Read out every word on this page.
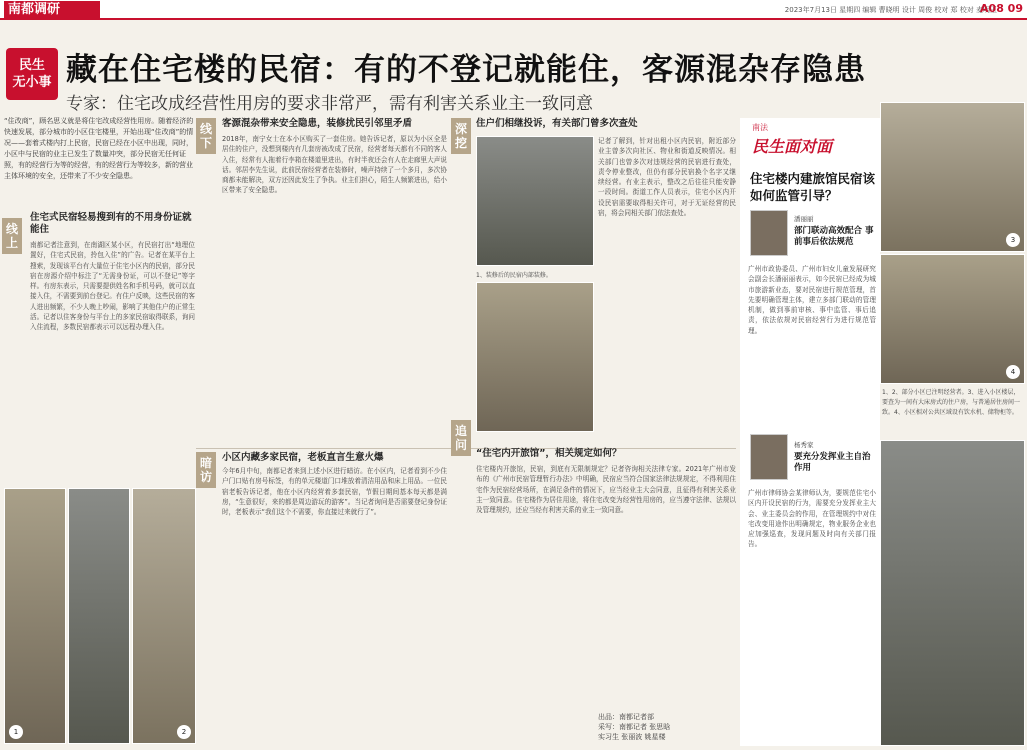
南都调研	2023年7月13日 星期四 编辑 曹晓明 设计 周俊 校对 郑 校对 麦明玉
A08 09
民生
无小事 藏在住宅楼的民宿：有的不登记就能住，客源混杂存隐患
专家：住宅改成经营性用房的要求非常严，需有利害关系业主一致同意
“住改商”，顾名思义就是将住宅改成经营性用房。随着经济的快速发展，部分城市的小区住宅楼里，开始出现“住改商”的情况——套着式楼内打上民宿，民宿已经在小区中出现，同时，小区中与民宿的业主已发生了数量冲突，部分民宿无任何证照，有的经营行为等的经营，有的经营行为等较多，新的营业主体环境的安全，还带来了不少安全隐患。
线上
住宅式民宿轻易搜到有的不用身份证就能住
南都记者注意到，在南湖区某小区，有民宿打出“地理位置好，住宅式民宿，拎包入住”的广告。记者在某平台上搜索，发现该平台有大量位于住宅小区内的民宿，部分民宿在房源介绍中标注了“无需身份证，可以不登记”等字样。有房东表示，只需要提供姓名和手机号码，就可以直接入住，不需要到前台登记。有住户反映，这些民宿的客人进出频繁，不少人晚上吵闹，影响了其他住户的正常生活。记者以住客身份与平台上的多家民宿取得联系，询问入住流程，多数民宿都表示可以远程办理入住。
1	2
线下
客源混杂带来安全隐患，装修扰民引邻里矛盾
2018年，南宁女士在本小区购买了一套住房。她告诉记者，原以为小区全是居住的住户，没想到楼内有几套房被改成了民宿，经营者每天都有不同的客人入住，经常有人拖着行李箱在楼道里进出，有时半夜还会有人在走廊里大声说话。邻居李先生说，此前民宿经营者在装修时，噪声持续了一个多月，多次协商都未能解决，双方还因此发生了争执。业主们担心，陌生人频繁进出，给小区带来了安全隐患。
深挖
住户们相继投诉，有关部门曾多次查处
1、装修后的民宿内部装修。
记者了解到，针对出租小区内民宿，附近部分业主曾多次向社区、物业和街道反映情况。相关部门也曾多次对违规经营的民宿进行查处，责令停业整改，但仍有部分民宿换个名字又继续经营。有业主表示，整改之后往往只能安静一段时间。街道工作人员表示，住宅小区内开设民宿需要取得相关许可，对于无证经营的民宿，将会同相关部门依法查处。
暗访
小区内藏多家民宿，老板直言生意火爆
今年6月中旬，南都记者来到上述小区进行暗访。在小区内，记者看到不少住户门口贴有房号标签，有的单元楼道门口堆放着清洁用品和床上用品。一位民宿老板告诉记者，他在小区内经营着多套民宿，节假日期间基本每天都是满房，“生意很好，来的都是周边游玩的游客”。当记者询问是否需要登记身份证时，老板表示“我们这个不需要，你直接过来就行了”。
追问
“住宅内开旅馆”，相关规定如何？
住宅楼内开旅馆，民宿，到底有无限制规定？记者咨询相关法律专家。2021年广州市发布的《广州市民宿管理暂行办法》中明确，民宿应当符合国家法律法规规定，不得利用住宅作为民宿经营场所，在满足条件的情况下，应当经业主大会同意，且征得有利害关系业主一致同意。住宅楼作为居住用途，将住宅改变为经营性用房的，应当遵守法律、法规以及管理规约，还应当经有利害关系的业主一致同意。
南法
民生面对面
住宅楼内建旅馆民宿该如何监管引导？
潘丽丽
部门联动高效配合 事前事后依法规范
广州市政协委员、广州市妇女儿童发展研究会副会长潘丽丽表示，如今民宿已经成为城市旅游新业态，要对民宿进行规范管理，首先要明确管理主体，建立多部门联动的管理机制，做到事前审核、事中监管、事后追责，依法依规对民宿经营行为进行规范管理。
杨秀家
要充分发挥业主自治作用
广州市律师协会某律师认为，要规范住宅小区内开设民宿的行为，需要充分发挥业主大会、业主委员会的作用，在管理规约中对住宅改变用途作出明确规定，物业服务企业也应加强巡查，发现问题及时向有关部门报告。
3
4
1、2、部分小区已注明经营者。3、进入小区楼层，要查为一间有大床房式的住户房，与普通居住房间一致。4、小区相对公共区域设有饮水机、储物柜等。
出品：南都记者部
采写：南都记者 张思晗
实习生 张丽波 姚星楼
